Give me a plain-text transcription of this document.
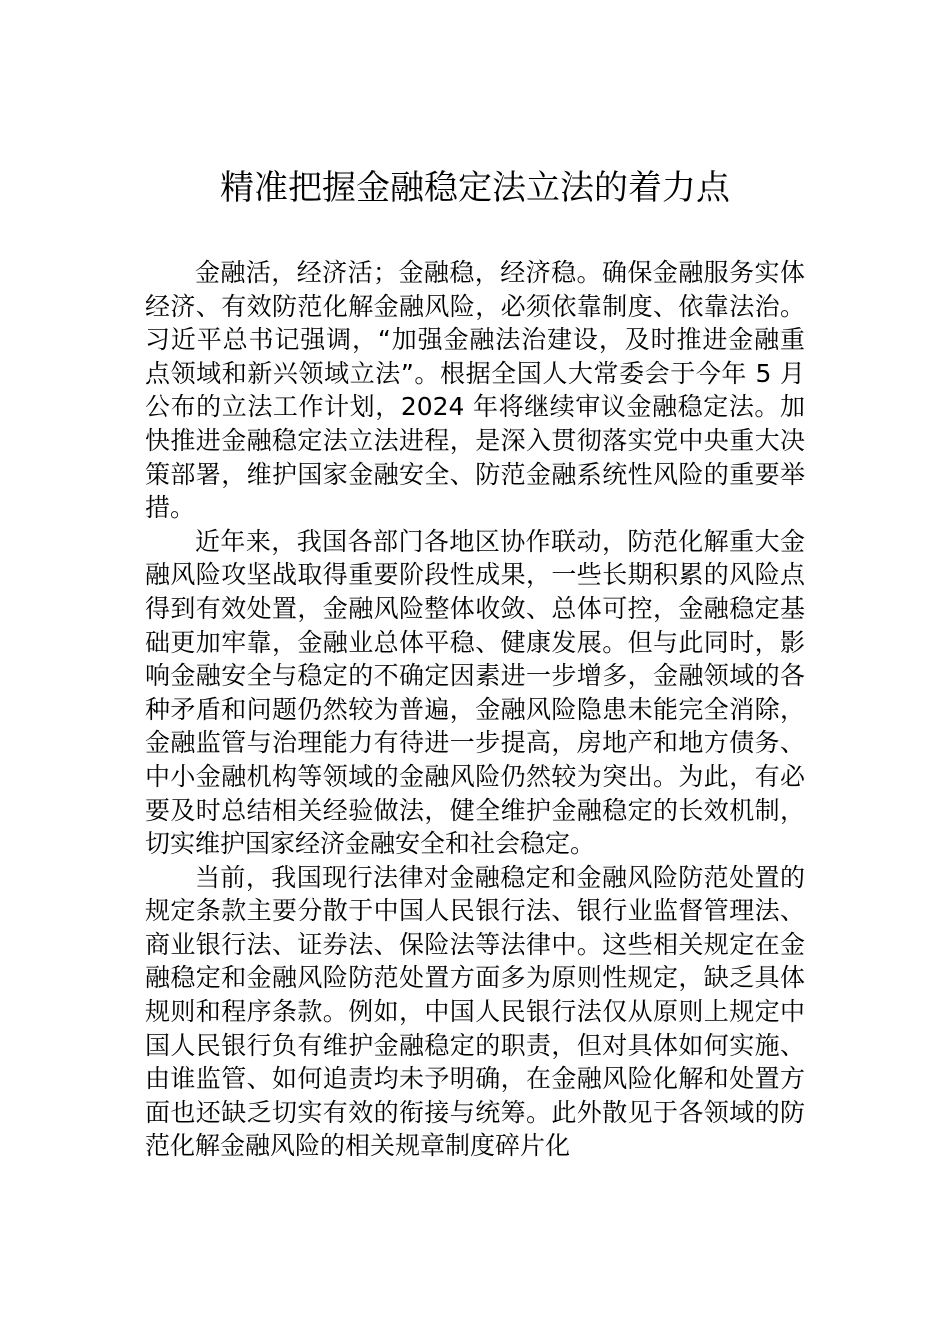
精准把握金融稳定法立法的着力点

金融活，经济活；金融稳，经济稳。确保金融服务实体经济、有效防范化解金融风险，必须依靠制度、依靠法治。习近平总书记强调，“加强金融法治建设，及时推进金融重点领域和新兴领域立法”。根据全国人大常委会于今年 5 月公布的立法工作计划，2024 年将继续审议金融稳定法。加快推进金融稳定法立法进程，是深入贯彻落实党中央重大决策部署，维护国家金融安全、防范金融系统性风险的重要举措。

近年来，我国各部门各地区协作联动，防范化解重大金融风险攻坚战取得重要阶段性成果，一些长期积累的风险点得到有效处置，金融风险整体收敛、总体可控，金融稳定基础更加牢靠，金融业总体平稳、健康发展。但与此同时，影响金融安全与稳定的不确定因素进一步增多，金融领域的各种矛盾和问题仍然较为普遍，金融风险隐患未能完全消除，金融监管与治理能力有待进一步提高，房地产和地方债务、中小金融机构等领域的金融风险仍然较为突出。为此，有必要及时总结相关经验做法，健全维护金融稳定的长效机制，切实维护国家经济金融安全和社会稳定。

当前，我国现行法律对金融稳定和金融风险防范处置的规定条款主要分散于中国人民银行法、银行业监督管理法、商业银行法、证券法、保险法等法律中。这些相关规定在金融稳定和金融风险防范处置方面多为原则性规定，缺乏具体规则和程序条款。例如，中国人民银行法仅从原则上规定中国人民银行负有维护金融稳定的职责，但对具体如何实施、由谁监管、如何追责均未予明确，在金融风险化解和处置方面也还缺乏切实有效的衔接与统筹。此外散见于各领域的防范化解金融风险的相关规章制度碎片化
